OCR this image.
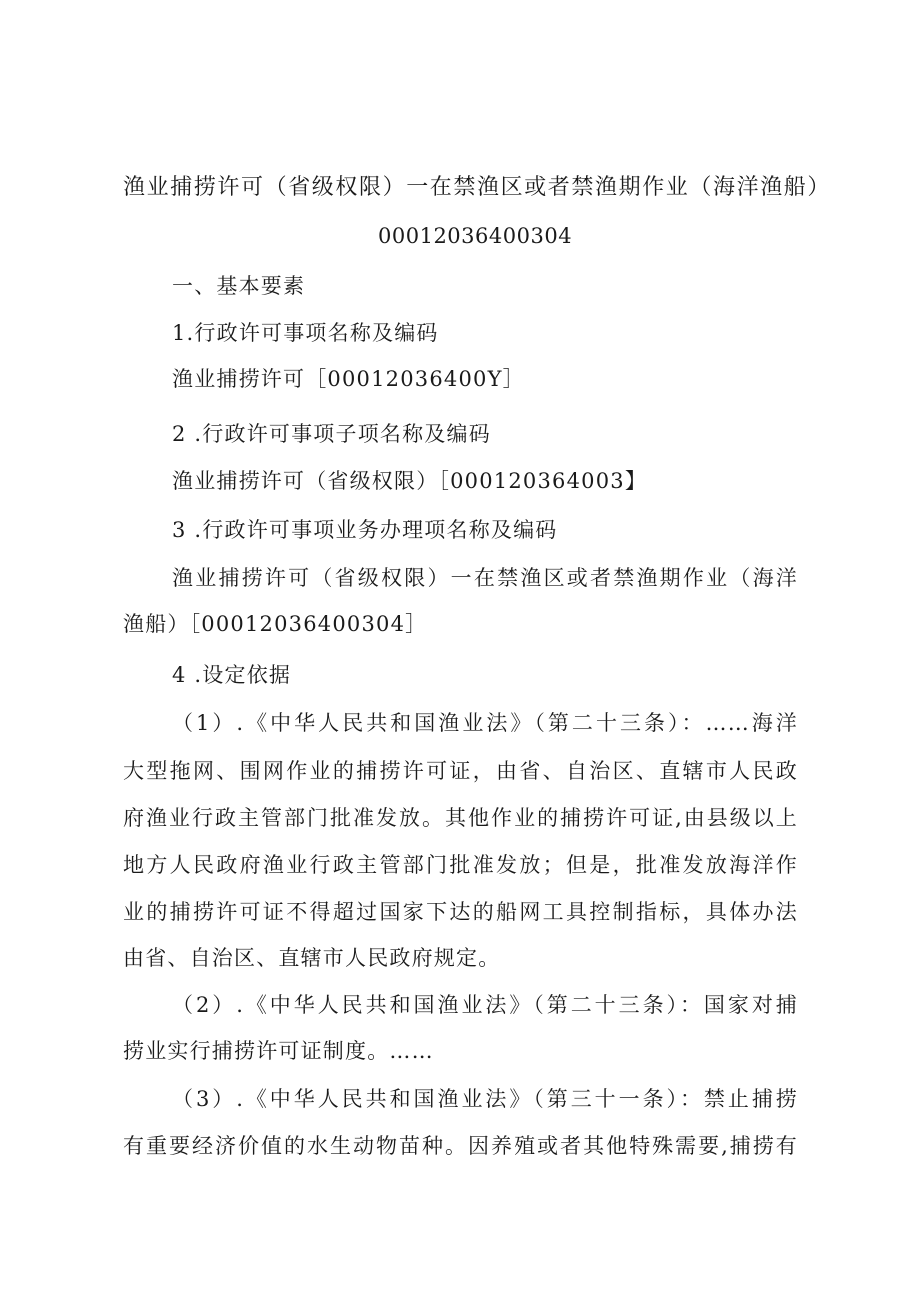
渔业捕捞许可（省级权限）一在禁渔区或者禁渔期作业（海洋渔船）
00012036400304
一、基本要素
1.行政许可事项名称及编码
渔业捕捞许可［00012036400Y］
2 .行政许可事项子项名称及编码
渔业捕捞许可（省级权限）［000120364003】
3 .行政许可事项业务办理项名称及编码
渔业捕捞许可（省级权限）一在禁渔区或者禁渔期作业（海洋
渔船）［00012036400304］
4 .设定依据
（1）.《中华人民共和国渔业法》（第二十三条）：……海洋
大型拖网、围网作业的捕捞许可证，由省、自治区、直辖市人民政
府渔业行政主管部门批准发放。其他作业的捕捞许可证,由县级以上
地方人民政府渔业行政主管部门批准发放；但是，批准发放海洋作
业的捕捞许可证不得超过国家下达的船网工具控制指标，具体办法
由省、自治区、直辖市人民政府规定。
（2）.《中华人民共和国渔业法》（第二十三条）：国家对捕
捞业实行捕捞许可证制度。……
（3）.《中华人民共和国渔业法》（第三十一条）：禁止捕捞
有重要经济价值的水生动物苗种。因养殖或者其他特殊需要,捕捞有
